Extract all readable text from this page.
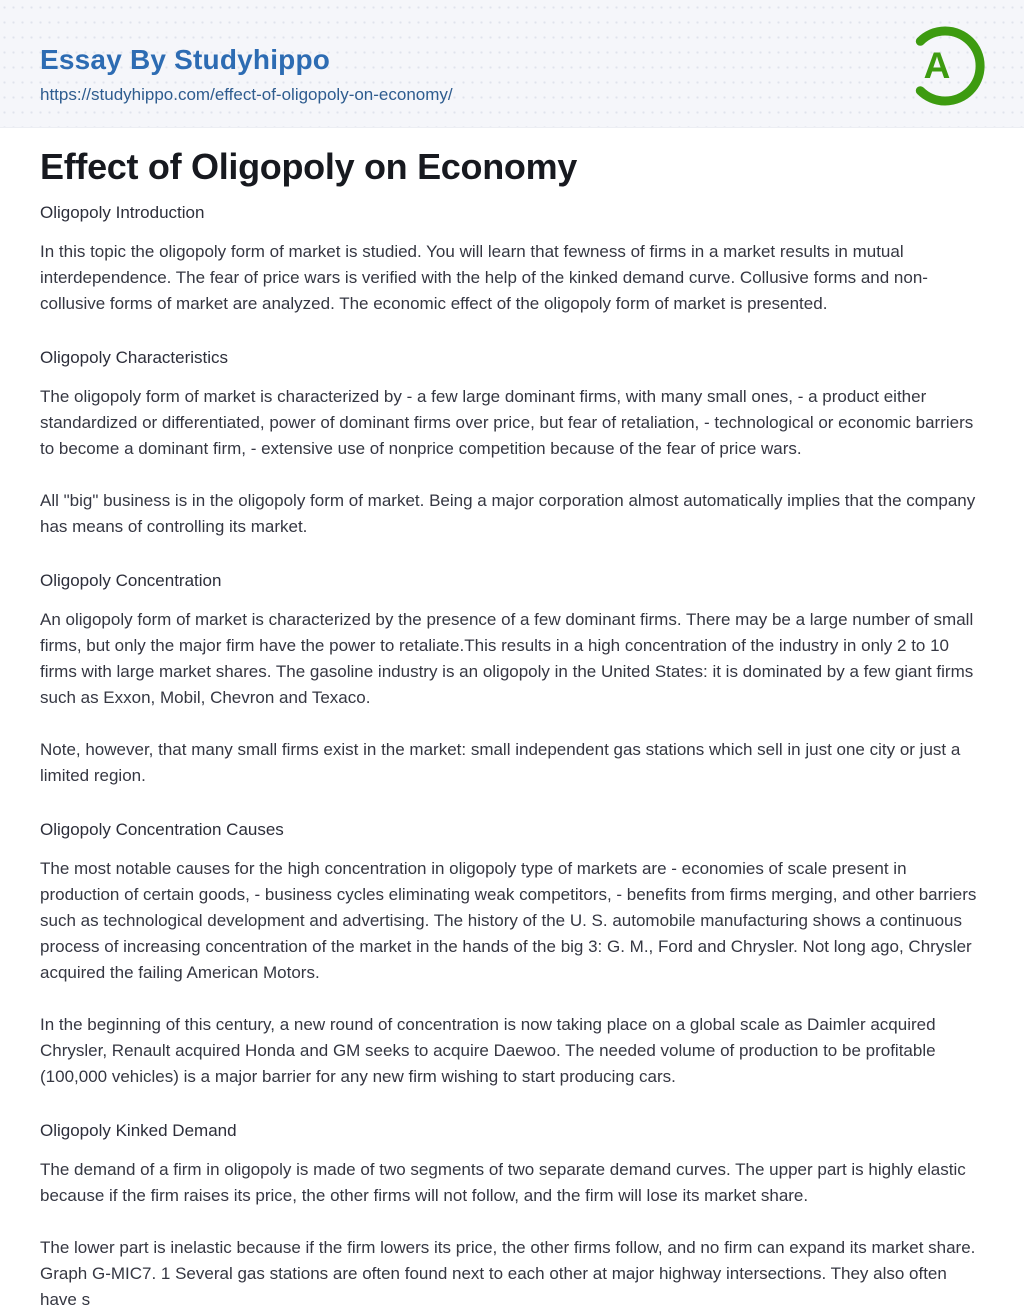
Essay By Studyhippo
https://studyhippo.com/effect-of-oligopoly-on-economy/
A
Effect of Oligopoly on Economy
Oligopoly Introduction

In this topic the oligopoly form of market is studied. You will learn that fewness of firms in a market results in mutual interdependence. The fear of price wars is verified with the help of the kinked demand curve. Collusive forms and non-collusive forms of market are analyzed. The economic effect of the oligopoly form of market is presented.

Oligopoly Characteristics

The oligopoly form of market is characterized by - a few large dominant firms, with many small ones, - a product either standardized or differentiated, power of dominant firms over price, but fear of retaliation, - technological or economic barriers to become a dominant firm, - extensive use of nonprice competition because of the fear of price wars.

All "big" business is in the oligopoly form of market. Being a major corporation almost automatically implies that the company has means of controlling its market.

Oligopoly Concentration

An oligopoly form of market is characterized by the presence of a few dominant firms. There may be a large number of small firms, but only the major firm have the power to retaliate.This results in a high concentration of the industry in only 2 to 10 firms with large market shares. The gasoline industry is an oligopoly in the United States: it is dominated by a few giant firms such as Exxon, Mobil, Chevron and Texaco.

Note, however, that many small firms exist in the market: small independent gas stations which sell in just one city or just a limited region.

Oligopoly Concentration Causes

The most notable causes for the high concentration in oligopoly type of markets are - economies of scale present in production of certain goods, - business cycles eliminating weak competitors, - benefits from firms merging, and other barriers such as technological development and advertising. The history of the U. S. automobile manufacturing shows a continuous process of increasing concentration of the market in the hands of the big 3: G. M., Ford and Chrysler. Not long ago, Chrysler acquired the failing American Motors.

In the beginning of this century, a new round of concentration is now taking place on a global scale as Daimler acquired Chrysler, Renault acquired Honda and GM seeks to acquire Daewoo. The needed volume of production to be profitable (100,000 vehicles) is a major barrier for any new firm wishing to start producing cars.

Oligopoly Kinked Demand

The demand of a firm in oligopoly is made of two segments of two separate demand curves. The upper part is highly elastic because if the firm raises its price, the other firms will not follow, and the firm will lose its market share.

The lower part is inelastic because if the firm lowers its price, the other firms follow, and no firm can expand its market share. Graph G-MIC7. 1 Several gas stations are often found next to each other at major highway intersections. They also often have s
